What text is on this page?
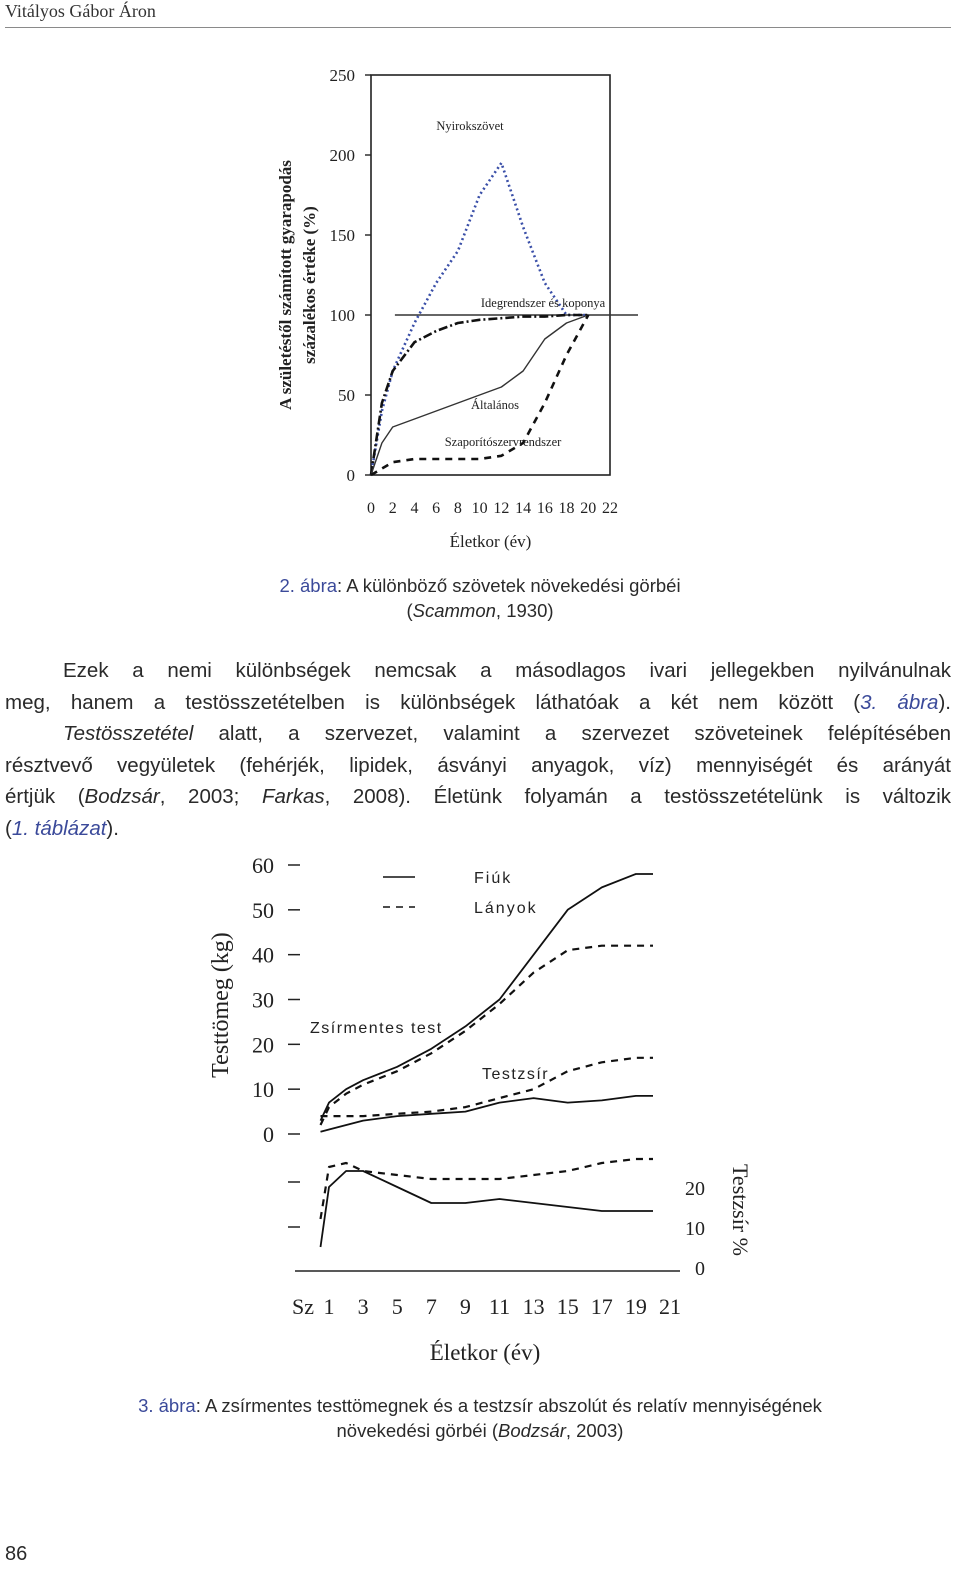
Vitályos Gábor Áron
0
50
100
150
200
250
0 2 4 6 8 10 12 14 16 18 20 22
Életkor (év)
A születéstől számított gyarapodás százalékos értéke (%)
Nyirokszövet
Idegrendszer és koponya
Általános
Szaporítószervrendszer
2. ábra: A különböző szövetek növekedési görbéi
(Scammon, 1930)
Ezek a nemi különbségek nemcsak a másodlagos ivari jellegekben nyilvánulnak
meg, hanem a testösszetételben is különbségek láthatóak a két nem között (3. ábra).
Testösszetétel alatt, a szervezet, valamint a szervezet szöveteinek felépítésében
résztvevő vegyületek (fehérjék, lipidek, ásványi anyagok, víz) mennyiségét és arányát
értjük (Bodzsár, 2003; Farkas, 2008). Életünk folyamán a testösszetételünk is változik
(1. táblázat).
0
10
20
30
40
50
60
0
10
20
Sz 1 3 5 7 9 11 13 15 17 19 21
Életkor (év)
Testtömeg (kg)
Testzsír %
Fiúk
Lányok
Zsírmentes test
Testzsír
3. ábra: A zsírmentes testtömegnek és a testzsír abszolút és relatív mennyiségének
növekedési görbéi (Bodzsár, 2003)
86
